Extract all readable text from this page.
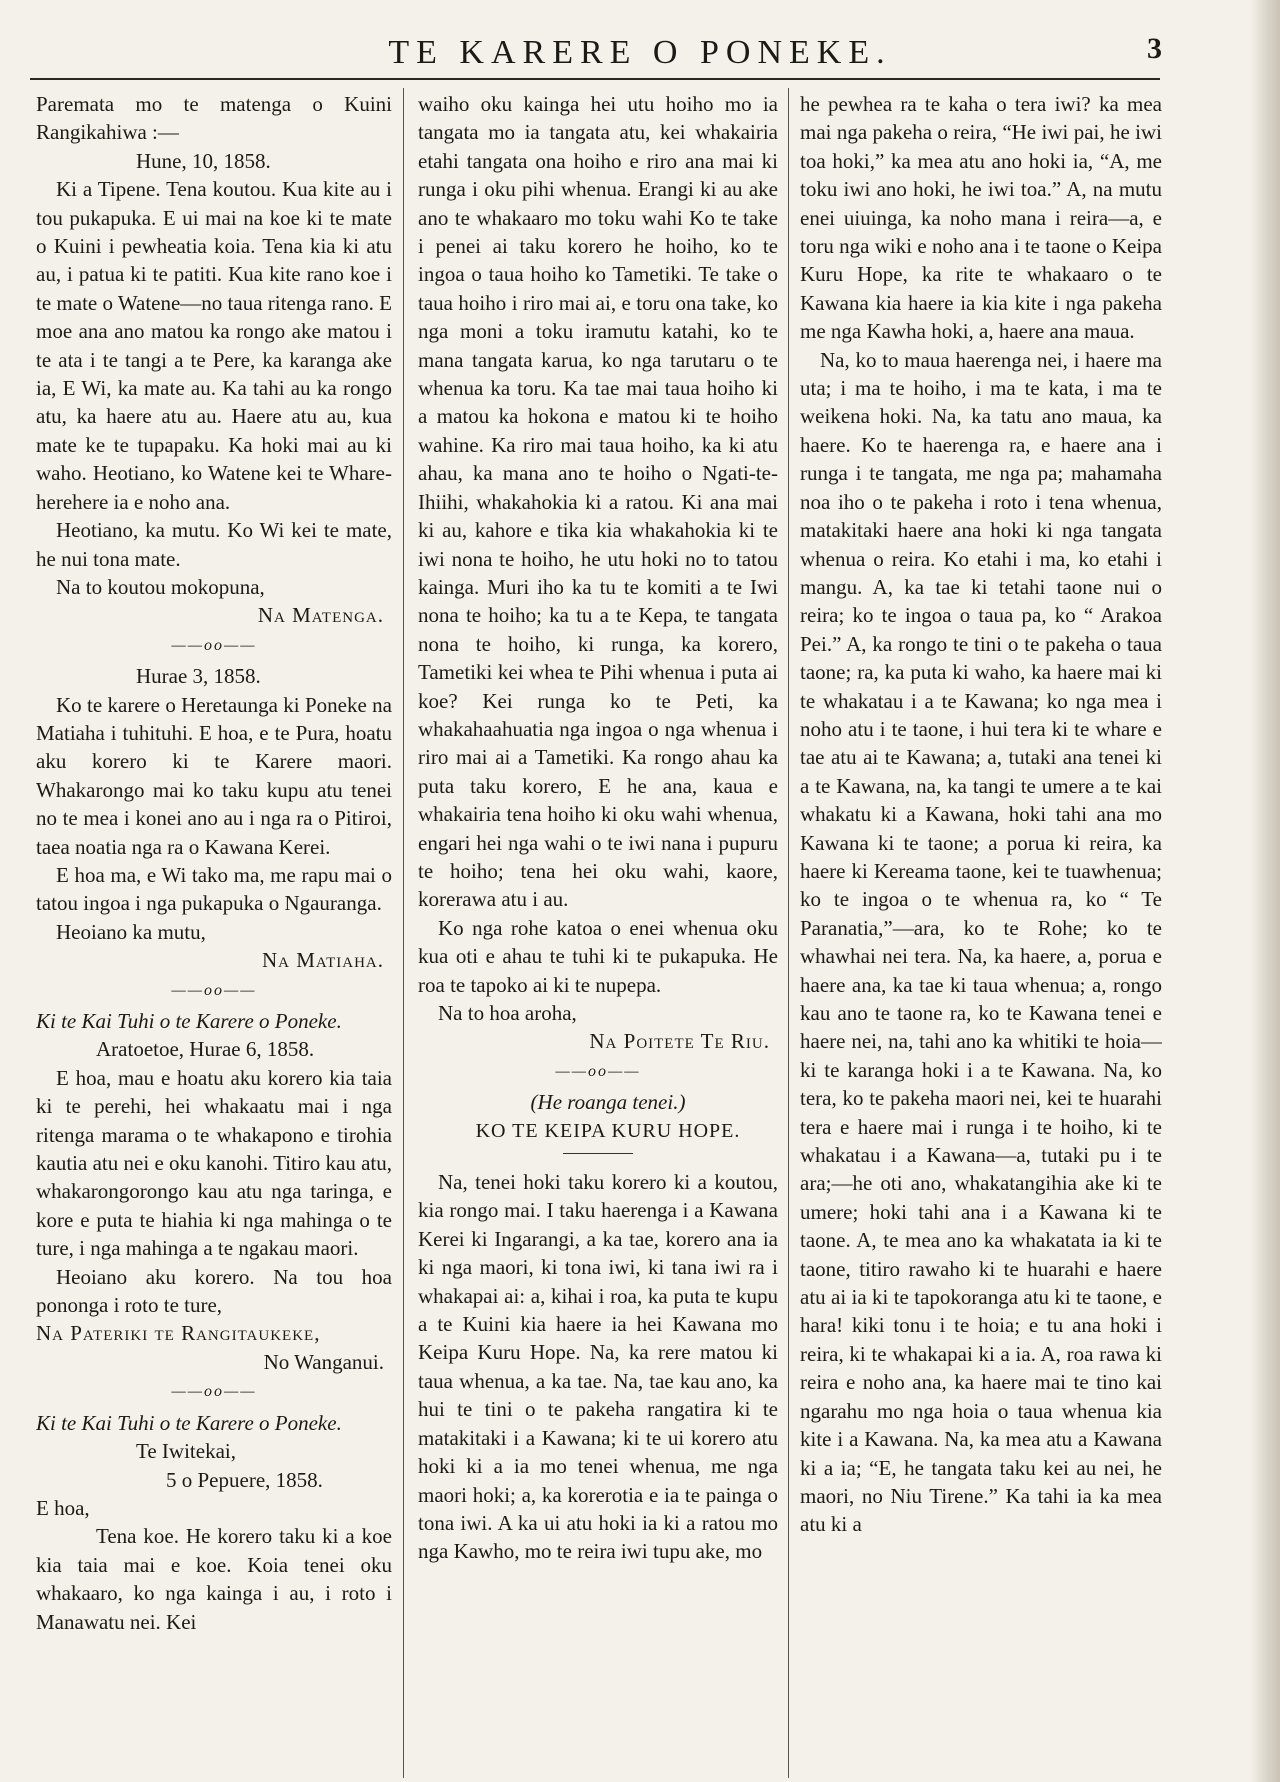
TE KARERE O PONEKE.	3

Paremata mo te matenga o Kuini Rangikahiwa :—

Hune, 10, 1858.

Ki a Tipene. Tena koutou. Kua kite au i tou pukapuka. E ui mai na koe ki te mate o Kuini i pewheatia koia. Tena kia ki atu au, i patua ki te patiti. Kua kite rano koe i te mate o Watene—no taua ritenga rano. E moe ana ano matou ka rongo ake matou i te ata i te tangi a te Pere, ka karanga ake ia, E Wi, ka mate au. Ka tahi au ka rongo atu, ka haere atu au. Haere atu au, kua mate ke te tupapaku. Ka hoki mai au ki waho. Heotiano, ko Watene kei te Whare-herehere ia e noho ana.

Heotiano, ka mutu. Ko Wi kei te mate, he nui tona mate.

Na to koutou mokopuna,

Na Matenga.

—— oo ——

Hurae 3, 1858.

Ko te karere o Heretaunga ki Poneke na Matiaha i tuhituhi. E hoa, e te Pura, hoatu aku korero ki te Karere maori. Whakarongo mai ko taku kupu atu tenei no te mea i konei ano au i nga ra o Pitiroi, taea noatia nga ra o Kawana Kerei.

E hoa ma, e Wi tako ma, me rapu mai o tatou ingoa i nga pukapuka o Ngauranga.

Heoiano ka mutu,

Na Matiaha.

—— oo ——

Ki te Kai Tuhi o te Karere o Poneke.

Aratoetoe, Hurae 6, 1858.

E hoa, mau e hoatu aku korero kia taia ki te perehi, hei whakaatu mai i nga ritenga marama o te whakapono e tirohia kautia atu nei e oku kanohi. Titiro kau atu, whakarongorongo kau atu nga taringa, e kore e puta te hiahia ki nga mahinga o te ture, i nga mahinga a te ngakau maori.

Heoiano aku korero. Na tou hoa pononga i roto te ture,

Na Pateriki te Rangitaukeke,

No Wanganui.

—— oo ——

Ki te Kai Tuhi o te Karere o Poneke.

Te Iwitekai,

5 o Pepuere, 1858.

E hoa,

Tena koe. He korero taku ki a koe kia taia mai e koe. Koia tenei oku whakaaro, ko nga kainga i au, i roto i Manawatu nei. Kei

waiho oku kainga hei utu hoiho mo ia tangata mo ia tangata atu, kei whakairia etahi tangata ona hoiho e riro ana mai ki runga i oku pihi whenua. Erangi ki au ake ano te whakaaro mo toku wahi Ko te take i penei ai taku korero he hoiho, ko te ingoa o taua hoiho ko Tametiki. Te take o taua hoiho i riro mai ai, e toru ona take, ko nga moni a toku iramutu katahi, ko te mana tangata karua, ko nga tarutaru o te whenua ka toru. Ka tae mai taua hoiho ki a matou ka hokona e matou ki te hoiho wahine. Ka riro mai taua hoiho, ka ki atu ahau, ka mana ano te hoiho o Ngati-te-Ihiihi, whakahokia ki a ratou. Ki ana mai ki au, kahore e tika kia whakahokia ki te iwi nona te hoiho, he utu hoki no to tatou kainga. Muri iho ka tu te komiti a te Iwi nona te hoiho; ka tu a te Kepa, te tangata nona te hoiho, ki runga, ka korero, Tametiki kei whea te Pihi whenua i puta ai koe? Kei runga ko te Peti, ka whakahaahuatia nga ingoa o nga whenua i riro mai ai a Tametiki. Ka rongo ahau ka puta taku korero, E he ana, kaua e whakairia tena hoiho ki oku wahi whenua, engari hei nga wahi o te iwi nana i pupuru te hoiho; tena hei oku wahi, kaore, korerawa atu i au.

Ko nga rohe katoa o enei whenua oku kua oti e ahau te tuhi ki te pukapuka. He roa te tapoko ai ki te nupepa.

Na to hoa aroha,

Na Poitete Te Riu.

—— oo ——

(He roanga tenei.)

KO TE KEIPA KURU HOPE.

Na, tenei hoki taku korero ki a koutou, kia rongo mai. I taku haerenga i a Kawana Kerei ki Ingarangi, a ka tae, korero ana ia ki nga maori, ki tona iwi, ki tana iwi ra i whakapai ai: a, kihai i roa, ka puta te kupu a te Kuini kia haere ia hei Kawana mo Keipa Kuru Hope. Na, ka rere matou ki taua whenua, a ka tae. Na, tae kau ano, ka hui te tini o te pakeha rangatira ki te matakitaki i a Kawana; ki te ui korero atu hoki ki a ia mo tenei whenua, me nga maori hoki; a, ka korerotia e ia te painga o tona iwi. A ka ui atu hoki ia ki a ratou mo nga Kawho, mo te reira iwi tupu ake, mo

he pewhea ra te kaha o tera iwi? ka mea mai nga pakeha o reira, “He iwi pai, he iwi toa hoki,” ka mea atu ano hoki ia, “A, me toku iwi ano hoki, he iwi toa.” A, na mutu enei uiuinga, ka noho mana i reira—a, e toru nga wiki e noho ana i te taone o Keipa Kuru Hope, ka rite te whakaaro o te Kawana kia haere ia kia kite i nga pakeha me nga Kawha hoki, a, haere ana maua.

Na, ko to maua haerenga nei, i haere ma uta; i ma te hoiho, i ma te kata, i ma te weikena hoki. Na, ka tatu ano maua, ka haere. Ko te haerenga ra, e haere ana i runga i te tangata, me nga pa; mahamaha noa iho o te pakeha i roto i tena whenua, matakitaki haere ana hoki ki nga tangata whenua o reira. Ko etahi i ma, ko etahi i mangu. A, ka tae ki tetahi taone nui o reira; ko te ingoa o taua pa, ko “ Arakoa Pei.” A, ka rongo te tini o te pakeha o taua taone; ra, ka puta ki waho, ka haere mai ki te whakatau i a te Kawana; ko nga mea i noho atu i te taone, i hui tera ki te whare e tae atu ai te Kawana; a, tutaki ana tenei ki a te Kawana, na, ka tangi te umere a te kai whakatu ki a Kawana, hoki tahi ana mo Kawana ki te taone; a porua ki reira, ka haere ki Kereama taone, kei te tuawhenua; ko te ingoa o te whenua ra, ko “ Te Paranatia,”—ara, ko te Rohe; ko te whawhai nei tera. Na, ka haere, a, porua e haere ana, ka tae ki taua whenua; a, rongo kau ano te taone ra, ko te Kawana tenei e haere nei, na, tahi ano ka whitiki te hoia—ki te karanga hoki i a te Kawana. Na, ko tera, ko te pakeha maori nei, kei te huarahi tera e haere mai i runga i te hoiho, ki te whakatau i a Kawana—a, tutaki pu i te ara;—he oti ano, whakatangihia ake ki te umere; hoki tahi ana i a Kawana ki te taone. A, te mea ano ka whakatata ia ki te taone, titiro rawaho ki te huarahi e haere atu ai ia ki te tapokoranga atu ki te taone, e hara! kiki tonu i te hoia; e tu ana hoki i reira, ki te whakapai ki a ia. A, roa rawa ki reira e noho ana, ka haere mai te tino kai ngarahu mo nga hoia o taua whenua kia kite i a Kawana. Na, ka mea atu a Kawana ki a ia; “E, he tangata taku kei au nei, he maori, no Niu Tirene.” Ka tahi ia ka mea atu ki a
